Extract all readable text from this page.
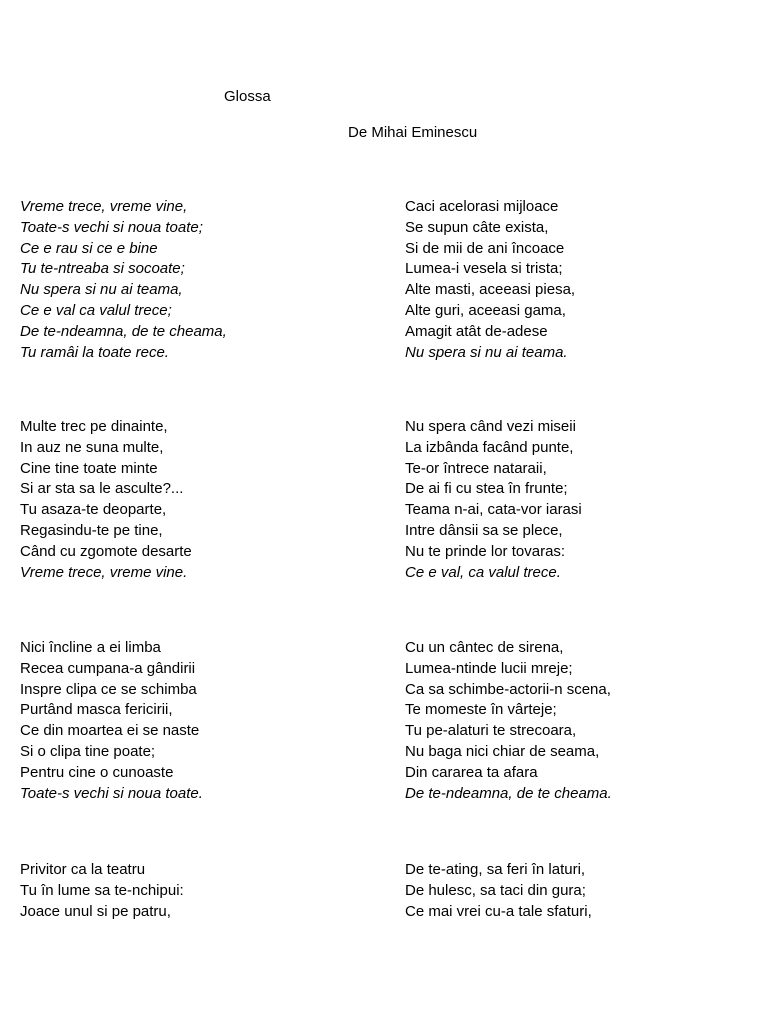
Glossa
De Mihai Eminescu
Vreme trece, vreme vine,
Toate-s vechi si noua toate;
Ce e rau si ce e bine
Tu te-ntreaba si socoate;
Nu spera si nu ai teama,
Ce e val ca valul trece;
De te-ndeamna, de te cheama,
Tu ramâi la toate rece.
Caci acelorasi mijloace
Se supun câte exista,
Si de mii de ani încoace
Lumea-i vesela si trista;
Alte masti, aceeasi piesa,
Alte guri, aceeasi gama,
Amagit atât de-adese
Nu spera si nu ai teama.
Multe trec pe dinainte,
In auz ne suna multe,
Cine tine toate minte
Si ar sta sa le asculte?...
Tu asaza-te deoparte,
Regasindu-te pe tine,
Când cu zgomote desarte
Vreme trece, vreme vine.
Nu spera când vezi miseii
La izbânda facând punte,
Te-or întrece nataraii,
De ai fi cu stea în frunte;
Teama n-ai, cata-vor iarasi
Intre dânsii sa se plece,
Nu te prinde lor tovaras:
Ce e val, ca valul trece.
Nici încline a ei limba
Recea cumpana-a gândirii
Inspre clipa ce se schimba
Purtând masca fericirii,
Ce din moartea ei se naste
Si o clipa tine poate;
Pentru cine o cunoaste
Toate-s vechi si noua toate.
Cu un cântec de sirena,
Lumea-ntinde lucii mreje;
Ca sa schimbe-actorii-n scena,
Te momeste în vârteje;
Tu pe-alaturi te strecoara,
Nu baga nici chiar de seama,
Din cararea ta afara
De te-ndeamna, de te cheama.
Privitor ca la teatru
Tu în lume sa te-nchipui:
Joace unul si pe patru,
De te-ating, sa feri în laturi,
De hulesc, sa taci din gura;
Ce mai vrei cu-a tale sfaturi,
